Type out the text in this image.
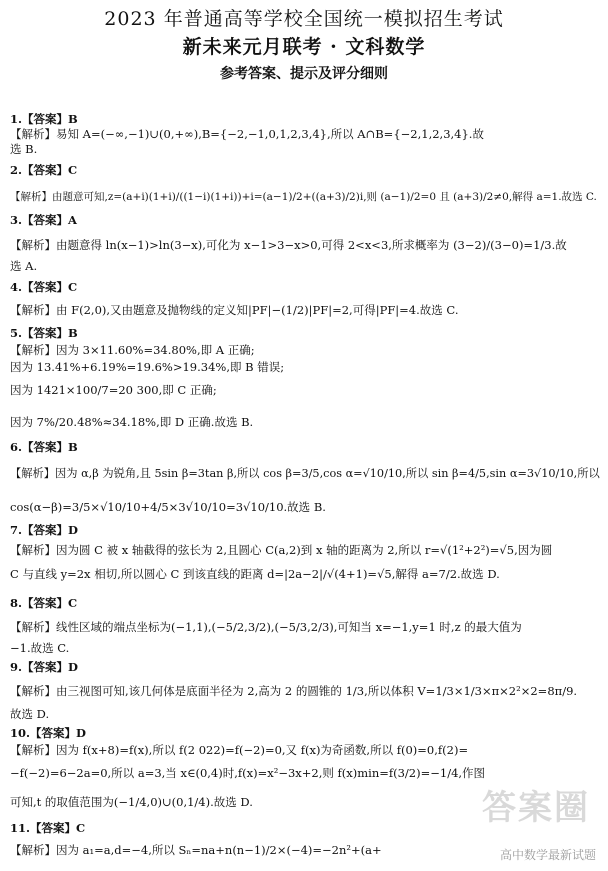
2023 年普通高等学校全国统一模拟招生考试
新未来元月联考 · 文科数学
参考答案、提示及评分细则
1.【答案】B
【解析】易知 A=(−∞,−1)∪(0,+∞),B={−2,−1,0,1,2,3,4},所以 A∩B={−2,1,2,3,4}.故
选 B.
2.【答案】C
【解析】由题意可知,z=(a+i)(1+i)/((1−i)(1+i))+i=(a−1)/2+((a+3)/2)i,则 (a−1)/2=0 且 (a+3)/2≠0,解得 a=1.故选 C.
3.【答案】A
【解析】由题意得 ln(x−1)>ln(3−x),可化为 x−1>3−x>0,可得 2<x<3,所求概率为 (3−2)/(3−0)=1/3.故
选 A.
4.【答案】C
【解析】由 F(2,0),又由题意及抛物线的定义知|PF|−(1/2)|PF|=2,可得|PF|=4.故选 C.
5.【答案】B
【解析】因为 3×11.60%=34.80%,即 A 正确;
因为 13.41%+6.19%=19.6%>19.34%,即 B 错误;
因为 1421×100/7=20 300,即 C 正确;
因为 7%/20.48%≈34.18%,即 D 正确.故选 B.
6.【答案】B
【解析】因为 α,β 为锐角,且 5sin β=3tan β,所以 cos β=3/5,cos α=√10/10,所以 sin β=4/5,sin α=3√10/10,所以
cos(α−β)=3/5×√10/10+4/5×3√10/10=3√10/10.故选 B.
7.【答案】D
【解析】因为圆 C 被 x 轴截得的弦长为 2,且圆心 C(a,2)到 x 轴的距离为 2,所以 r=√(1²+2²)=√5,因为圆
C 与直线 y=2x 相切,所以圆心 C 到该直线的距离 d=|2a−2|/√(4+1)=√5,解得 a=7/2.故选 D.
8.【答案】C
【解析】线性区域的端点坐标为(−1,1),(−5/2,3/2),(−5/3,2/3),可知当 x=−1,y=1 时,z 的最大值为
−1.故选 C.
9.【答案】D
【解析】由三视图可知,该几何体是底面半径为 2,高为 2 的圆锥的 1/3,所以体积 V=1/3×1/3×π×2²×2=8π/9.
故选 D.
10.【答案】D
【解析】因为 f(x+8)=f(x),所以 f(2 022)=f(−2)=0,又 f(x)为奇函数,所以 f(0)=0,f(2)=
−f(−2)=6−2a=0,所以 a=3,当 x∈(0,4)时,f(x)=x²−3x+2,则 f(x)min=f(3/2)=−1/4,作图
可知,t 的取值范围为(−1/4,0)∪(0,1/4).故选 D.
11.【答案】C
【解析】因为 a₁=a,d=−4,所以 Sₙ=na+n(n−1)/2×(−4)=−2n²+(a+
答案圈
高中数学最新试题
